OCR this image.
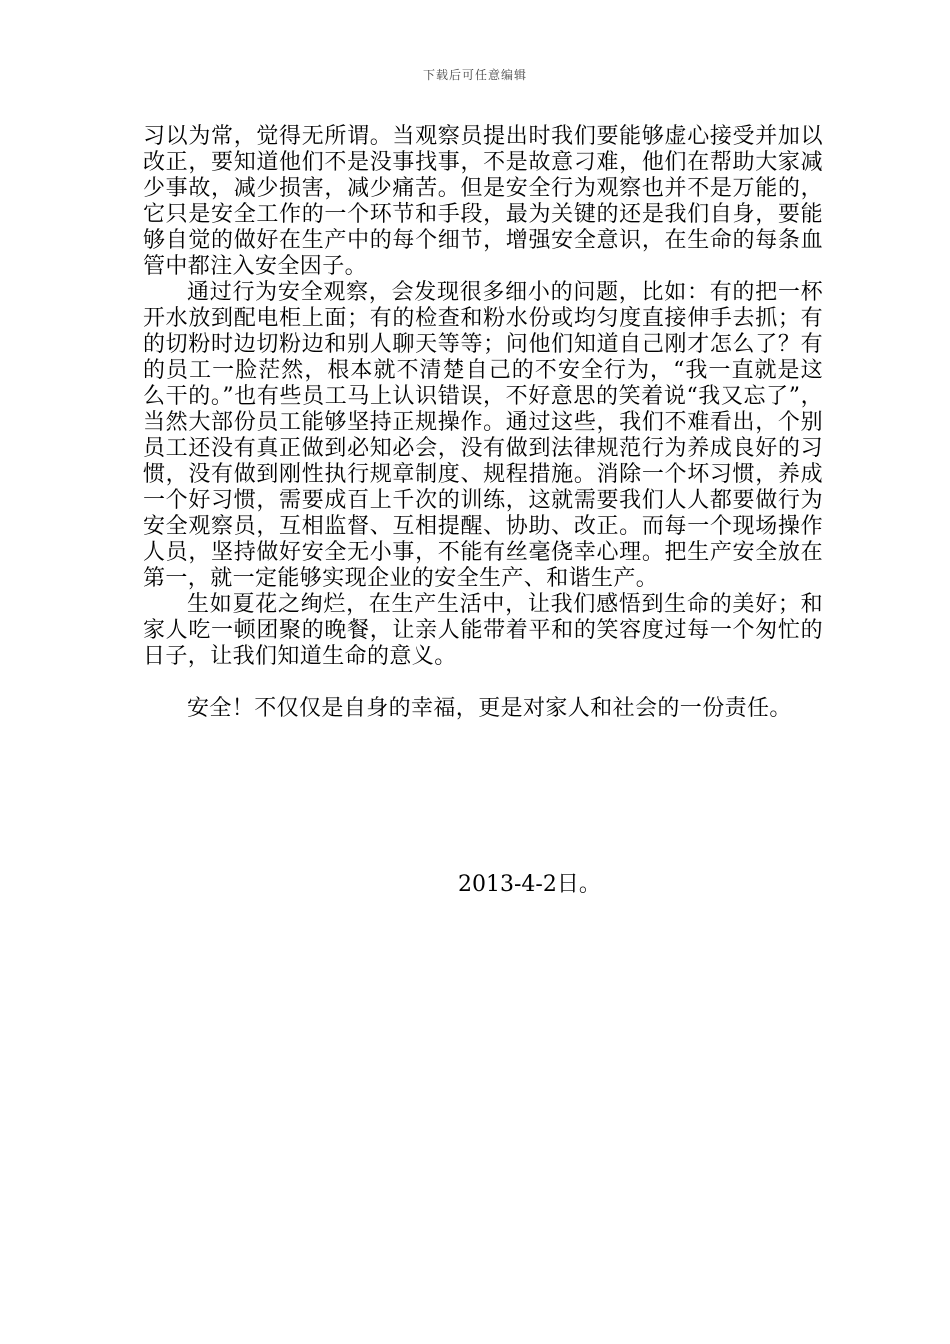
下载后可任意编辑

习以为常，觉得无所谓。当观察员提出时我们要能够虚心接受并加以改正，要知道他们不是没事找事，不是故意刁难，他们在帮助大家减少事故，减少损害，减少痛苦。但是安全行为观察也并不是万能的，它只是安全工作的一个环节和手段，最为关键的还是我们自身，要能够自觉的做好在生产中的每个细节，增强安全意识，在生命的每条血管中都注入安全因子。

通过行为安全观察，会发现很多细小的问题，比如：有的把一杯开水放到配电柜上面；有的检查和粉水份或均匀度直接伸手去抓；有的切粉时边切粉边和别人聊天等等；问他们知道自己刚才怎么了？有的员工一脸茫然，根本就不清楚自己的不安全行为，“我一直就是这么干的。”也有些员工马上认识错误，不好意思的笑着说“我又忘了”，当然大部份员工能够坚持正规操作。通过这些，我们不难看出，个别员工还没有真正做到必知必会，没有做到法律规范行为养成良好的习惯，没有做到刚性执行规章制度、规程措施。消除一个坏习惯，养成一个好习惯，需要成百上千次的训练，这就需要我们人人都要做行为安全观察员，互相监督、互相提醒、协助、改正。而每一个现场操作人员，坚持做好安全无小事，不能有丝毫侥幸心理。把生产安全放在第一，就一定能够实现企业的安全生产、和谐生产。

生如夏花之绚烂，在生产生活中，让我们感悟到生命的美好；和家人吃一顿团聚的晚餐，让亲人能带着平和的笑容度过每一个匆忙的日子，让我们知道生命的意义。

安全！不仅仅是自身的幸福，更是对家人和社会的一份责任。

2013-4-2日。
